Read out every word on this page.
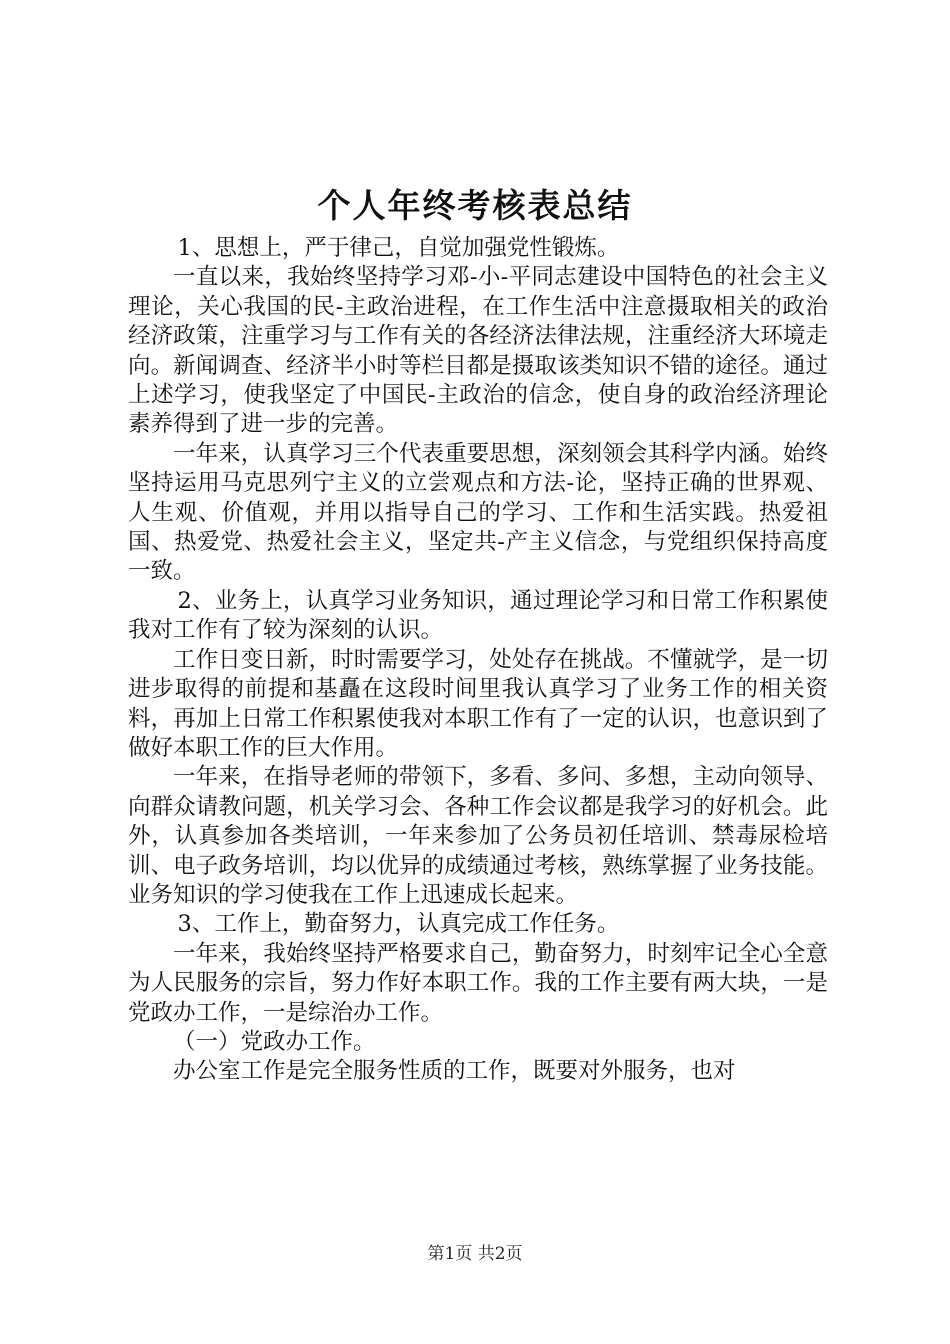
个人年终考核表总结

1、思想上，严于律己，自觉加强党性锻炼。

一直以来，我始终坚持学习邓-小-平同志建设中国特色的社会主义理论，关心我国的民-主政治进程，在工作生活中注意摄取相关的政治经济政策，注重学习与工作有关的各经济法律法规，注重经济大环境走向。新闻调查、经济半小时等栏目都是摄取该类知识不错的途径。通过上述学习，使我坚定了中国民-主政治的信念，使自身的政治经济理论素养得到了进一步的完善。

一年来，认真学习三个代表重要思想，深刻领会其科学内涵。始终坚持运用马克思列宁主义的立尝观点和方法-论，坚持正确的世界观、人生观、价值观，并用以指导自己的学习、工作和生活实践。热爱祖国、热爱党、热爱社会主义，坚定共-产主义信念，与党组织保持高度一致。

2、业务上，认真学习业务知识，通过理论学习和日常工作积累使我对工作有了较为深刻的认识。

工作日变日新，时时需要学习，处处存在挑战。不懂就学，是一切进步取得的前提和基矗在这段时间里我认真学习了业务工作的相关资料，再加上日常工作积累使我对本职工作有了一定的认识，也意识到了做好本职工作的巨大作用。

一年来，在指导老师的带领下，多看、多问、多想，主动向领导、向群众请教问题，机关学习会、各种工作会议都是我学习的好机会。此外，认真参加各类培训，一年来参加了公务员初任培训、禁毒尿检培训、电子政务培训，均以优异的成绩通过考核，熟练掌握了业务技能。业务知识的学习使我在工作上迅速成长起来。

3、工作上，勤奋努力，认真完成工作任务。

一年来，我始终坚持严格要求自己，勤奋努力，时刻牢记全心全意为人民服务的宗旨，努力作好本职工作。我的工作主要有两大块，一是党政办工作，一是综治办工作。

（一）党政办工作。

办公室工作是完全服务性质的工作，既要对外服务，也对

第1页 共2页
